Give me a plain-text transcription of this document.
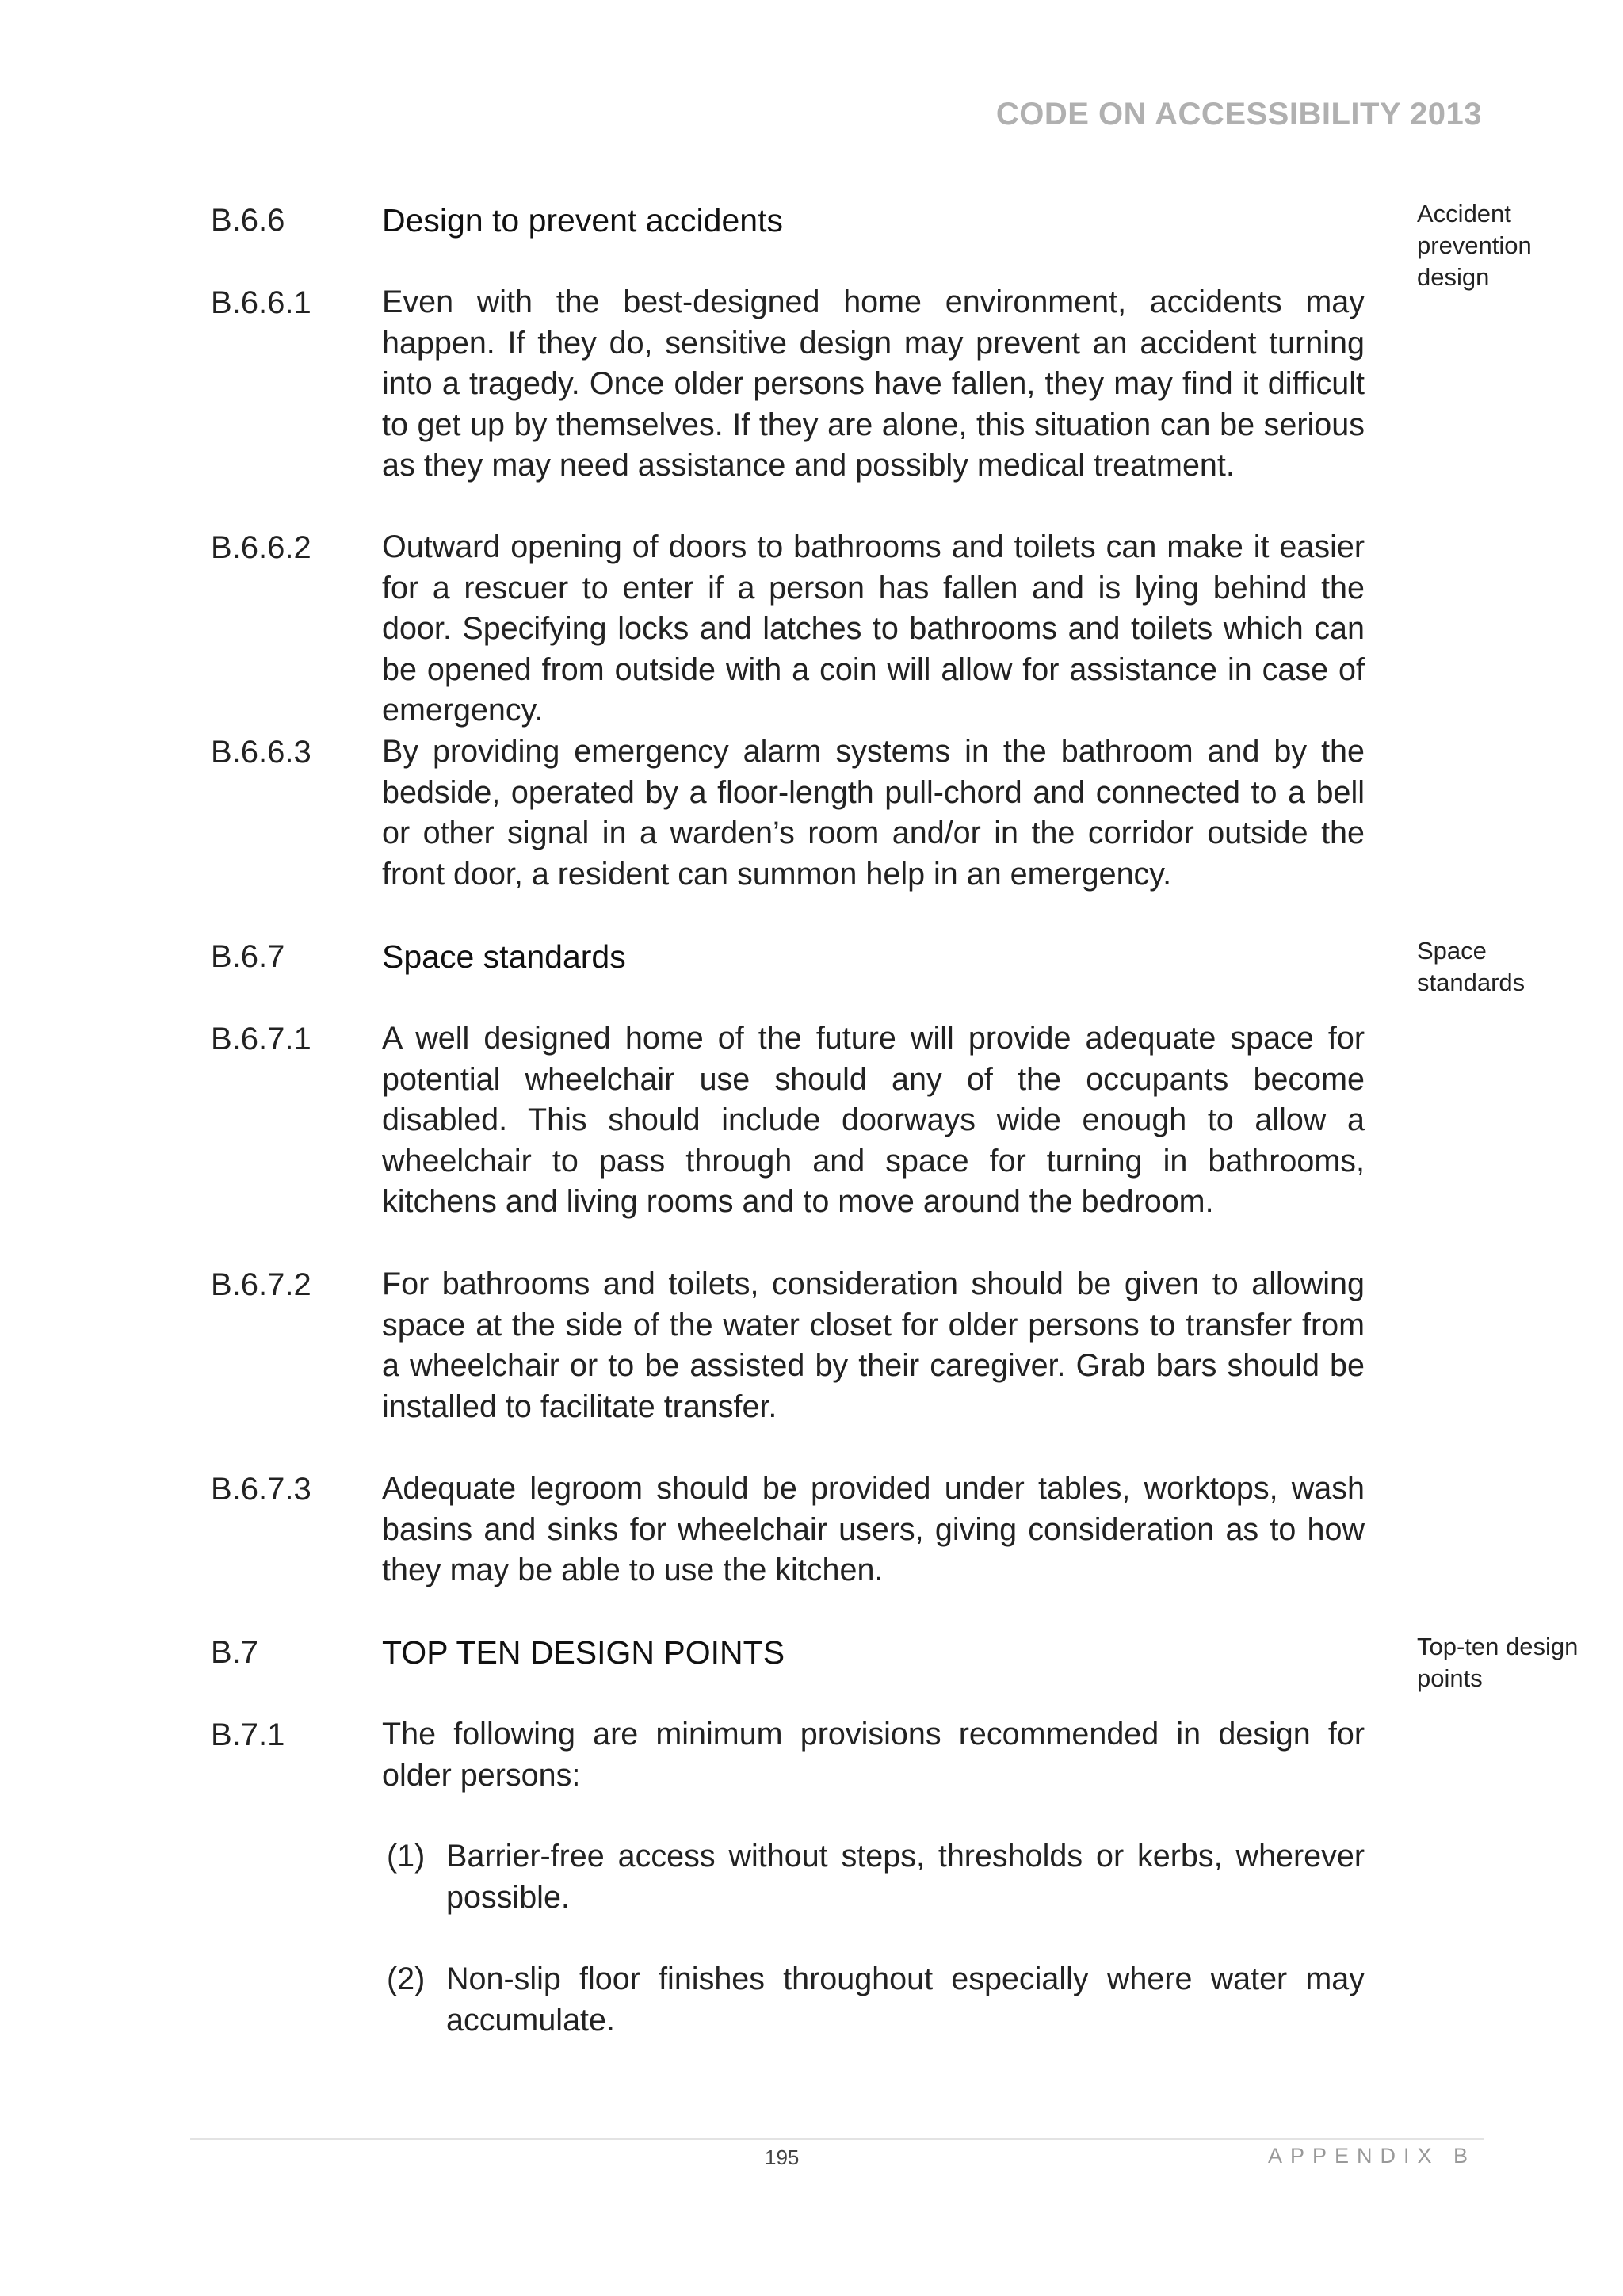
CODE ON ACCESSIBILITY 2013
B.6.6	Design to prevent accidents	Accident prevention design
B.6.6.1 Even with the best-designed home environment, accidents may happen. If they do, sensitive design may prevent an accident turning into a tragedy. Once older persons have fallen, they may find it difficult to get up by themselves. If they are alone, this situation can be serious as they may need assistance and possibly medical treatment.

B.6.6.2 Outward opening of doors to bathrooms and toilets can make it easier for a rescuer to enter if a person has fallen and is lying behind the door. Specifying locks and latches to bathrooms and toilets which can be opened from outside with a coin will allow for assistance in case of emergency.

B.6.6.3 By providing emergency alarm systems in the bathroom and by the bedside, operated by a floor-length pull-chord and connected to a bell or other signal in a warden’s room and/or in the corridor outside the front door, a resident can summon help in an emergency.

B.6.7	Space standards	Space standards
B.6.7.1 A well designed home of the future will provide adequate space for potential wheelchair use should any of the occupants become disabled. This should include doorways wide enough to allow a wheelchair to pass through and space for turning in bathrooms, kitchens and living rooms and to move around the bedroom.

B.6.7.2 For bathrooms and toilets, consideration should be given to allowing space at the side of the water closet for older persons to transfer from a wheelchair or to be assisted by their caregiver. Grab bars should be installed to facilitate transfer.

B.6.7.3 Adequate legroom should be provided under tables, worktops, wash basins and sinks for wheelchair users, giving consideration as to how they may be able to use the kitchen.

B.7	TOP TEN DESIGN POINTS	Top-ten design points
B.7.1	The following are minimum provisions recommended in design for older persons:

(1) Barrier-free access without steps, thresholds or kerbs, wherever possible.
(2) Non-slip floor finishes throughout especially where water may accumulate.
195	APPENDIX B
